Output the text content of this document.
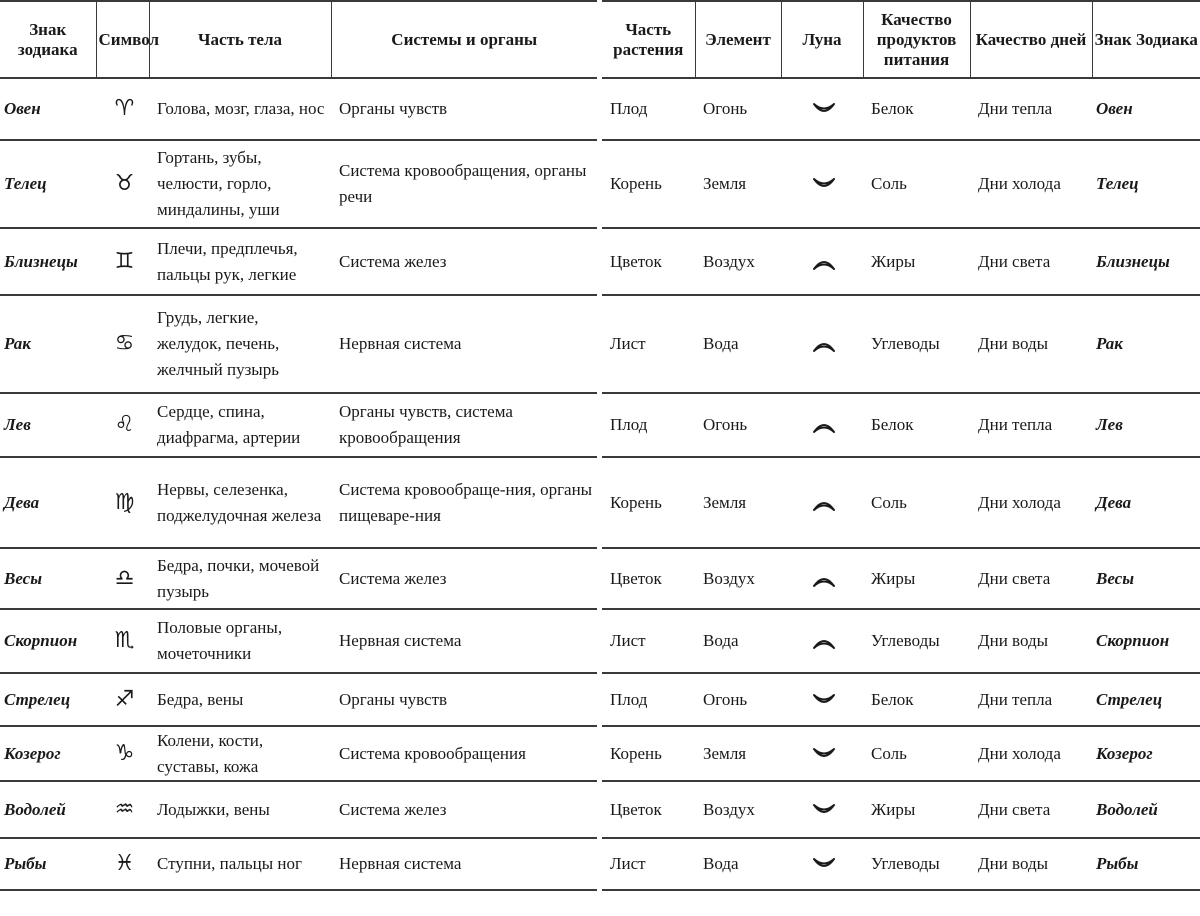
Знак зодиака	Символ	Часть тела	Системы и органы
Овен	♈	Голова, мозг, глаза, нос	Органы чувств
Телец	♉	Гортань, зубы, челюсти, горло, миндалины, уши	Система кровообращения, органы речи
Близнецы	♊	Плечи, предплечья, пальцы рук, легкие	Система желез
Рак	♋	Грудь, легкие, желудок, печень, желчный пузырь	Нервная система
Лев	♌	Сердце, спина, диафрагма, артерии	Органы чувств, система кровообращения
Дева	♍	Нервы, селезенка, поджелудочная железа	Система кровообраще-ния, органы пищеваре-ния
Весы	♎	Бедра, почки, мочевой пузырь	Система желез
Скорпион	♏	Половые органы, мочеточники	Нервная система
Стрелец	♐	Бедра, вены	Органы чувств
Козерог	♑	Колени, кости, суставы, кожа	Система кровообращения
Водолей	♒	Лодыжки, вены	Система желез
Рыбы	♓	Ступни, пальцы ног	Нервная система
Часть растения	Элемент	Луна	Качество продуктов питания	Качество дней	Знак Зодиака
Плод	Огонь		Белок	Дни тепла	Овен
Корень	Земля		Соль	Дни холода	Телец
Цветок	Воздух		Жиры	Дни света	Близнецы
Лист	Вода		Углеводы	Дни воды	Рак
Плод	Огонь		Белок	Дни тепла	Лев
Корень	Земля		Соль	Дни холода	Дева
Цветок	Воздух		Жиры	Дни света	Весы
Лист	Вода		Углеводы	Дни воды	Скорпион
Плод	Огонь		Белок	Дни тепла	Стрелец
Корень	Земля		Соль	Дни холода	Козерог
Цветок	Воздух		Жиры	Дни света	Водолей
Лист	Вода		Углеводы	Дни воды	Рыбы
